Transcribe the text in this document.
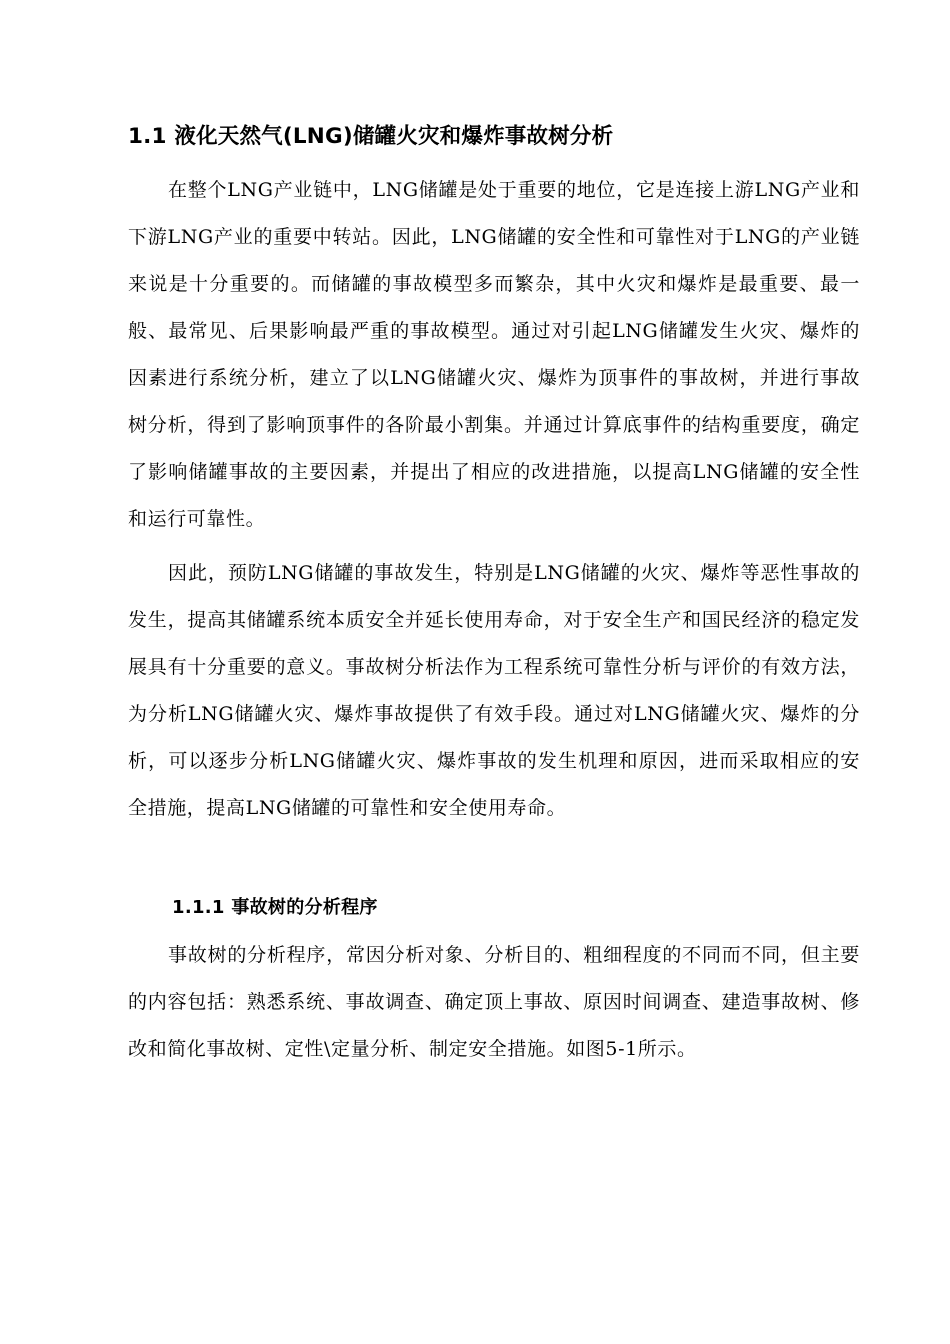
1.1 液化天然气(LNG)储罐火灾和爆炸事故树分析

在整个LNG产业链中，LNG储罐是处于重要的地位，它是连接上游LNG产业和下游LNG产业的重要中转站。因此，LNG储罐的安全性和可靠性对于LNG的产业链来说是十分重要的。而储罐的事故模型多而繁杂，其中火灾和爆炸是最重要、最一般、最常见、后果影响最严重的事故模型。通过对引起LNG储罐发生火灾、爆炸的因素进行系统分析，建立了以LNG储罐火灾、爆炸为顶事件的事故树，并进行事故树分析，得到了影响顶事件的各阶最小割集。并通过计算底事件的结构重要度，确定了影响储罐事故的主要因素，并提出了相应的改进措施，以提高LNG储罐的安全性和运行可靠性。

因此，预防LNG储罐的事故发生，特别是LNG储罐的火灾、爆炸等恶性事故的发生，提高其储罐系统本质安全并延长使用寿命，对于安全生产和国民经济的稳定发展具有十分重要的意义。事故树分析法作为工程系统可靠性分析与评价的有效方法，为分析LNG储罐火灾、爆炸事故提供了有效手段。通过对LNG储罐火灾、爆炸的分析，可以逐步分析LNG储罐火灾、爆炸事故的发生机理和原因，进而采取相应的安全措施，提高LNG储罐的可靠性和安全使用寿命。

1.1.1 事故树的分析程序

事故树的分析程序，常因分析对象、分析目的、粗细程度的不同而不同，但主要的内容包括：熟悉系统、事故调查、确定顶上事故、原因时间调查、建造事故树、修改和简化事故树、定性\定量分析、制定安全措施。如图5-1所示。
